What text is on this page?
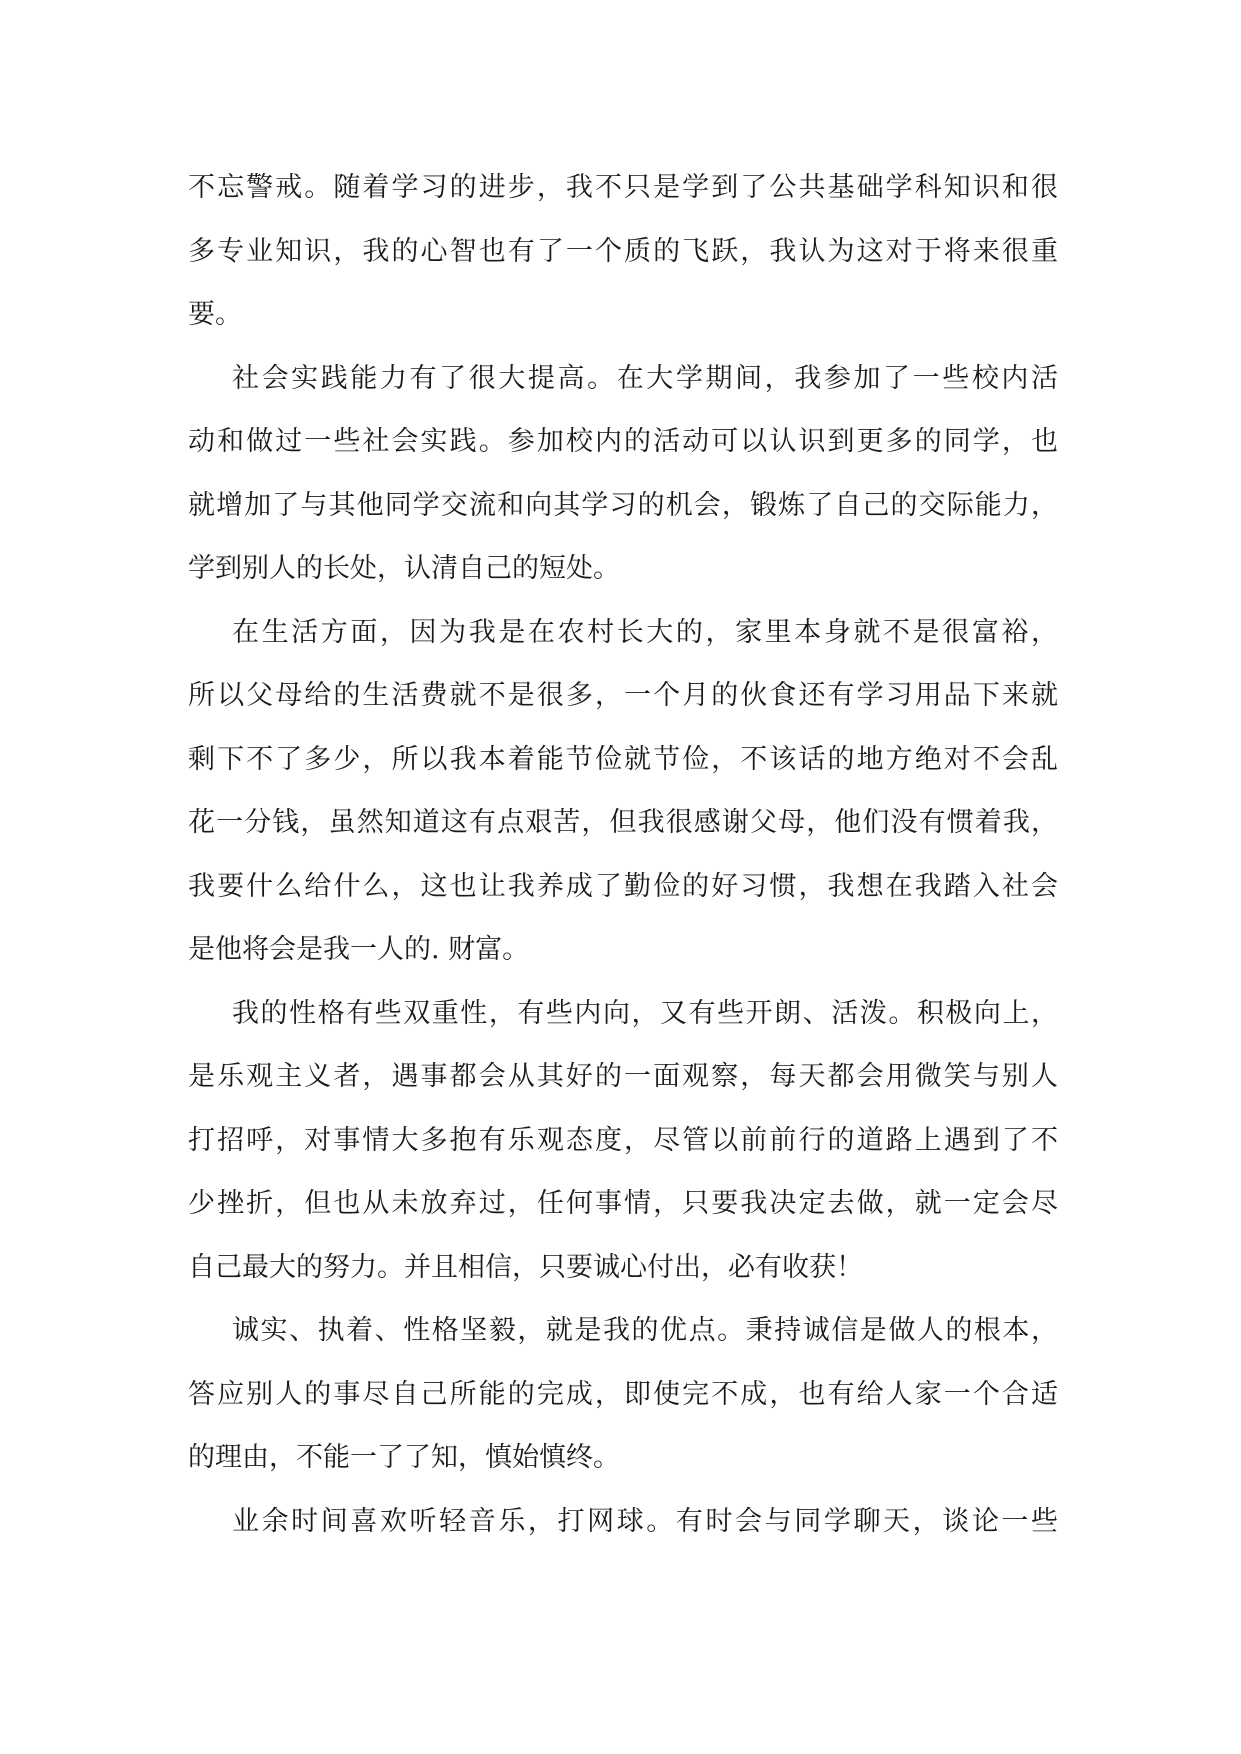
不忘警戒。随着学习的进步，我不只是学到了公共基础学科知识和很
多专业知识，我的心智也有了一个质的飞跃，我认为这对于将来很重
要。
社会实践能力有了很大提高。在大学期间，我参加了一些校内活
动和做过一些社会实践。参加校内的活动可以认识到更多的同学，也
就增加了与其他同学交流和向其学习的机会，锻炼了自己的交际能力，
学到别人的长处，认清自己的短处。
在生活方面，因为我是在农村长大的，家里本身就不是很富裕，
所以父母给的生活费就不是很多，一个月的伙食还有学习用品下来就
剩下不了多少，所以我本着能节俭就节俭，不该话的地方绝对不会乱
花一分钱，虽然知道这有点艰苦，但我很感谢父母，他们没有惯着我，
我要什么给什么，这也让我养成了勤俭的好习惯，我想在我踏入社会
是他将会是我一人的. 财富。
我的性格有些双重性，有些内向，又有些开朗、活泼。积极向上，
是乐观主义者，遇事都会从其好的一面观察，每天都会用微笑与别人
打招呼，对事情大多抱有乐观态度，尽管以前前行的道路上遇到了不
少挫折，但也从未放弃过，任何事情，只要我决定去做，就一定会尽
自己最大的努力。并且相信，只要诚心付出，必有收获！
诚实、执着、性格坚毅，就是我的优点。秉持诚信是做人的根本，
答应别人的事尽自己所能的完成，即使完不成，也有给人家一个合适
的理由，不能一了了知，慎始慎终。
业余时间喜欢听轻音乐，打网球。有时会与同学聊天，谈论一些
